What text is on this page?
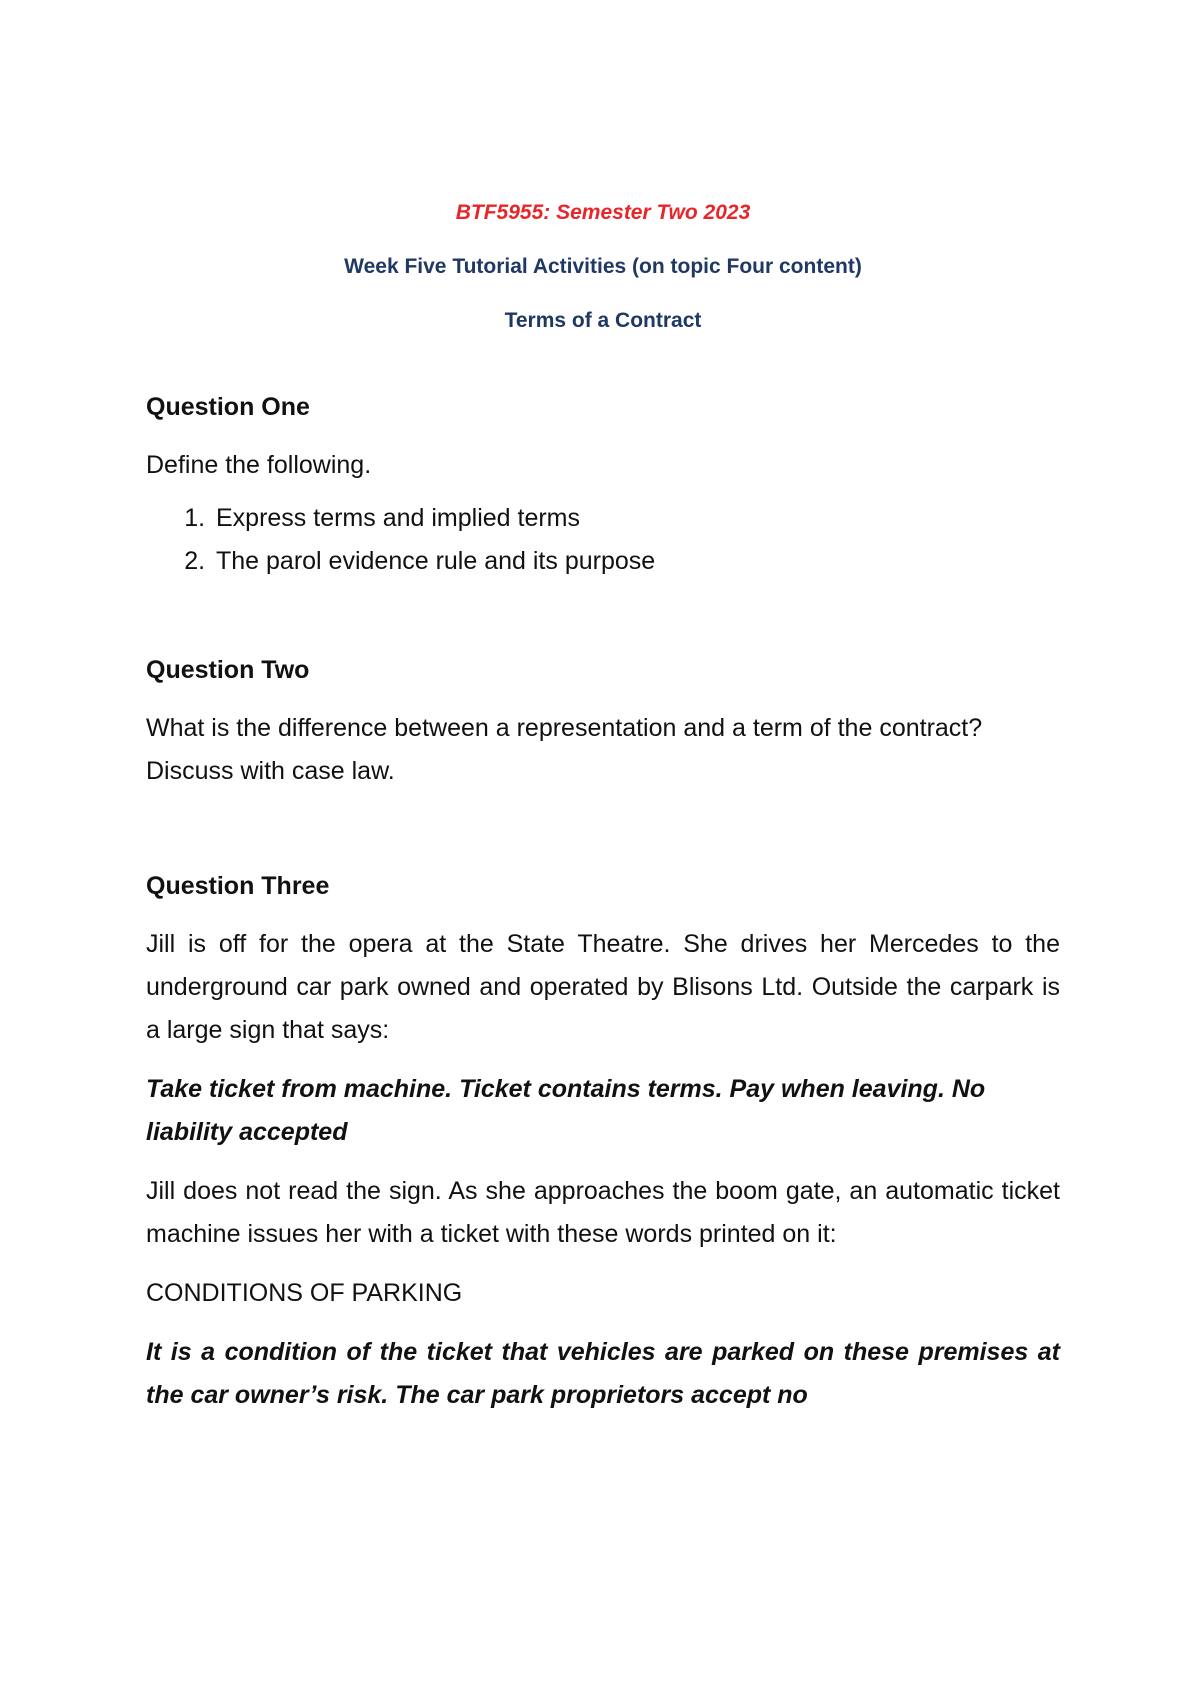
BTF5955: Semester Two 2023

Week Five Tutorial Activities (on topic Four content)

Terms of a Contract

Question One

Define the following.

1. Express terms and implied terms
2. The parol evidence rule and its purpose

Question Two

What is the difference between a representation and a term of the contract? Discuss with case law.

Question Three

Jill is off for the opera at the State Theatre. She drives her Mercedes to the underground car park owned and operated by Blisons Ltd. Outside the carpark is a large sign that says:

Take ticket from machine. Ticket contains terms. Pay when leaving. No liability accepted

Jill does not read the sign. As she approaches the boom gate, an automatic ticket machine issues her with a ticket with these words printed on it:

CONDITIONS OF PARKING

It is a condition of the ticket that vehicles are parked on these premises at the car owner’s risk. The car park proprietors accept no
